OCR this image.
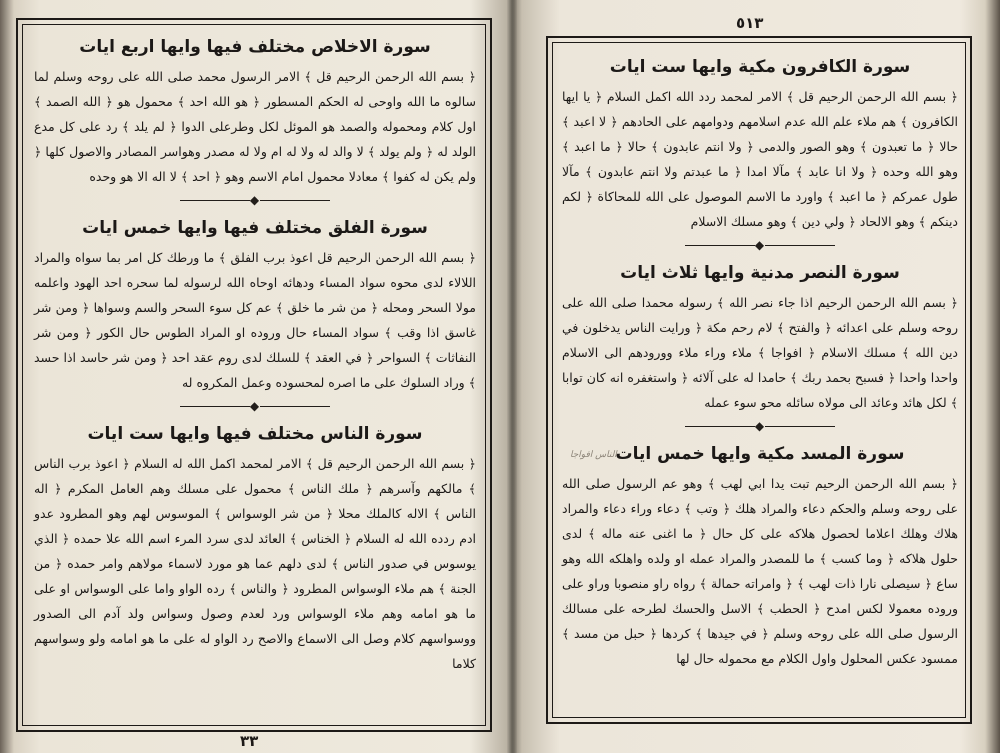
سورة الاخلاص مختلف فيها وايها اربع ايات

﴿ بسم الله الرحمن الرحيم قل ﴾ الامر الرسول محمد صلى الله على روحه وسلم لما سالوه ما الله واوحى له الحكم المسطور ﴿ هو الله احد ﴾ محمول هو ﴿ الله الصمد ﴾ اول كلام ومحموله والصمد هو الموئل لكل وطرعلى الدوا ﴿ لم يلد ﴾ رد على كل مدع الولد له ﴿ ولم يولد ﴾ لا والد له ولا له ام ولا له مصدر وهواسر المصادر والاصول كلها ﴿ ولم يكن له كفوا ﴾ معادلا محمول امام الاسم وهو ﴿ احد ﴾ لا اله الا هو وحده

◆
سورة الفلق مختلف فيها وايها خمس ايات

﴿ بسم الله الرحمن الرحيم قل اعوذ برب الفلق ﴾ ما ورطك كل امر بما سواه والمراد اللالاء لدى محوه سواد المساء ودهائه اوحاه الله لرسوله لما سحره احد الهود واعلمه مولا السحر ومحله ﴿ من شر ما خلق ﴾ عم كل سوء السحر والسم وسواها ﴿ ومن شر غاسق اذا وقب ﴾ سواد المساء حال وروده او المراد الطوس حال الكور ﴿ ومن شر النفاثات ﴾ السواحر ﴿ في العقد ﴾ للسلك لدى روم عقد احد ﴿ ومن شر حاسد اذا حسد ﴾ وراد السلوك على ما اصره لمحسوده وعمل المكروه له

◆
سورة الناس مختلف فيها وايها ست ايات

﴿ بسم الله الرحمن الرحيم قل ﴾ الامر لمحمد اكمل الله له السلام ﴿ اعوذ برب الناس ﴾ مالكهم وآسرهم ﴿ ملك الناس ﴾ محمول على مسلك وهم العامل المكرم ﴿ اله الناس ﴾ الاله كالملك محلا ﴿ من شر الوسواس ﴾ الموسوس لهم وهو المطرود عدو ادم ردده الله له السلام ﴿ الخناس ﴾ العائد لدى سرد المرء اسم الله علا حمده ﴿ الذي يوسوس في صدور الناس ﴾ لدى دلهم عما هو مورد لاسماء مولاهم وامر حمده ﴿ من الجنة ﴾ هم ملاء الوسواس المطرود ﴿ والناس ﴾ رده الواو واما على الوسواس او على ما هو امامه وهم ملاء الوسواس ورد لعدم وصول وسواس ولد آدم الى الصدور ووسواسهم كلام وصل الى الاسماع والاصح رد الواو له على ما هو امامه ولو وسواسهم كلاما

٣٣
٥١٣
سورة الكافرون مكية وايها ست ايات

﴿ بسم الله الرحمن الرحيم قل ﴾ الامر لمحمد ردد الله اكمل السلام ﴿ يا ايها الكافرون ﴾ هم ملاء علم الله عدم اسلامهم ودوامهم على الحادهم ﴿ لا اعبد ﴾ حالا ﴿ ما تعبدون ﴾ وهو الصور والدمى ﴿ ولا انتم عابدون ﴾ حالا ﴿ ما اعبد ﴾ وهو الله وحده ﴿ ولا انا عابد ﴾ مآلا امدا ﴿ ما عبدتم ولا انتم عابدون ﴾ مآلا طول عمركم ﴿ ما اعبد ﴾ واورد ما الاسم الموصول على الله للمحاكاة ﴿ لكم دينكم ﴾ وهو الالحاد ﴿ ولي دين ﴾ وهو مسلك الاسلام

◆
سورة النصر مدنية وايها ثلاث ايات

﴿ بسم الله الرحمن الرحيم اذا جاء نصر الله ﴾ رسوله محمدا صلى الله على روحه وسلم على اعدائه ﴿ والفتح ﴾ لام رحم مكة ﴿ ورايت الناس يدخلون في دين الله ﴾ مسلك الاسلام ﴿ افواجا ﴾ ملاء وراء ملاء وورودهم الى الاسلام واحدا واحدا ﴿ فسبح بحمد ربك ﴾ حامدا له على آلائه ﴿ واستغفره انه كان توابا ﴾ لكل هائد وعائد الى مولاه سائله محو سوء عمله

◆
سورة المسد مكية وايها خمس ايات

﴿ بسم الله الرحمن الرحيم تبت يدا ابي لهب ﴾ وهو عم الرسول صلى الله على روحه وسلم والحكم دعاء والمراد هلك ﴿ وتب ﴾ دعاء وراء دعاء والمراد هلاك وهلك اعلاما لحصول هلاكه على كل حال ﴿ ما اغنى عنه ماله ﴾ لدى حلول هلاكه ﴿ وما كسب ﴾ ما للمصدر والمراد عمله او ولده واهلكه الله وهو ساع ﴿ سيصلى نارا ذات لهب ﴾ ﴿ وامراته حمالة ﴾ رواه راو منصوبا وراو على وروده معمولا لكس امدح ﴿ الحطب ﴾ الاسل والحسك لطرحه على مسالك الرسول صلى الله على روحه وسلم ﴿ في جيدها ﴾ كردها ﴿ حبل من مسد ﴾ ممسود عكس المحلول واول الكلام مع محموله حال لها

الناس افواجا
